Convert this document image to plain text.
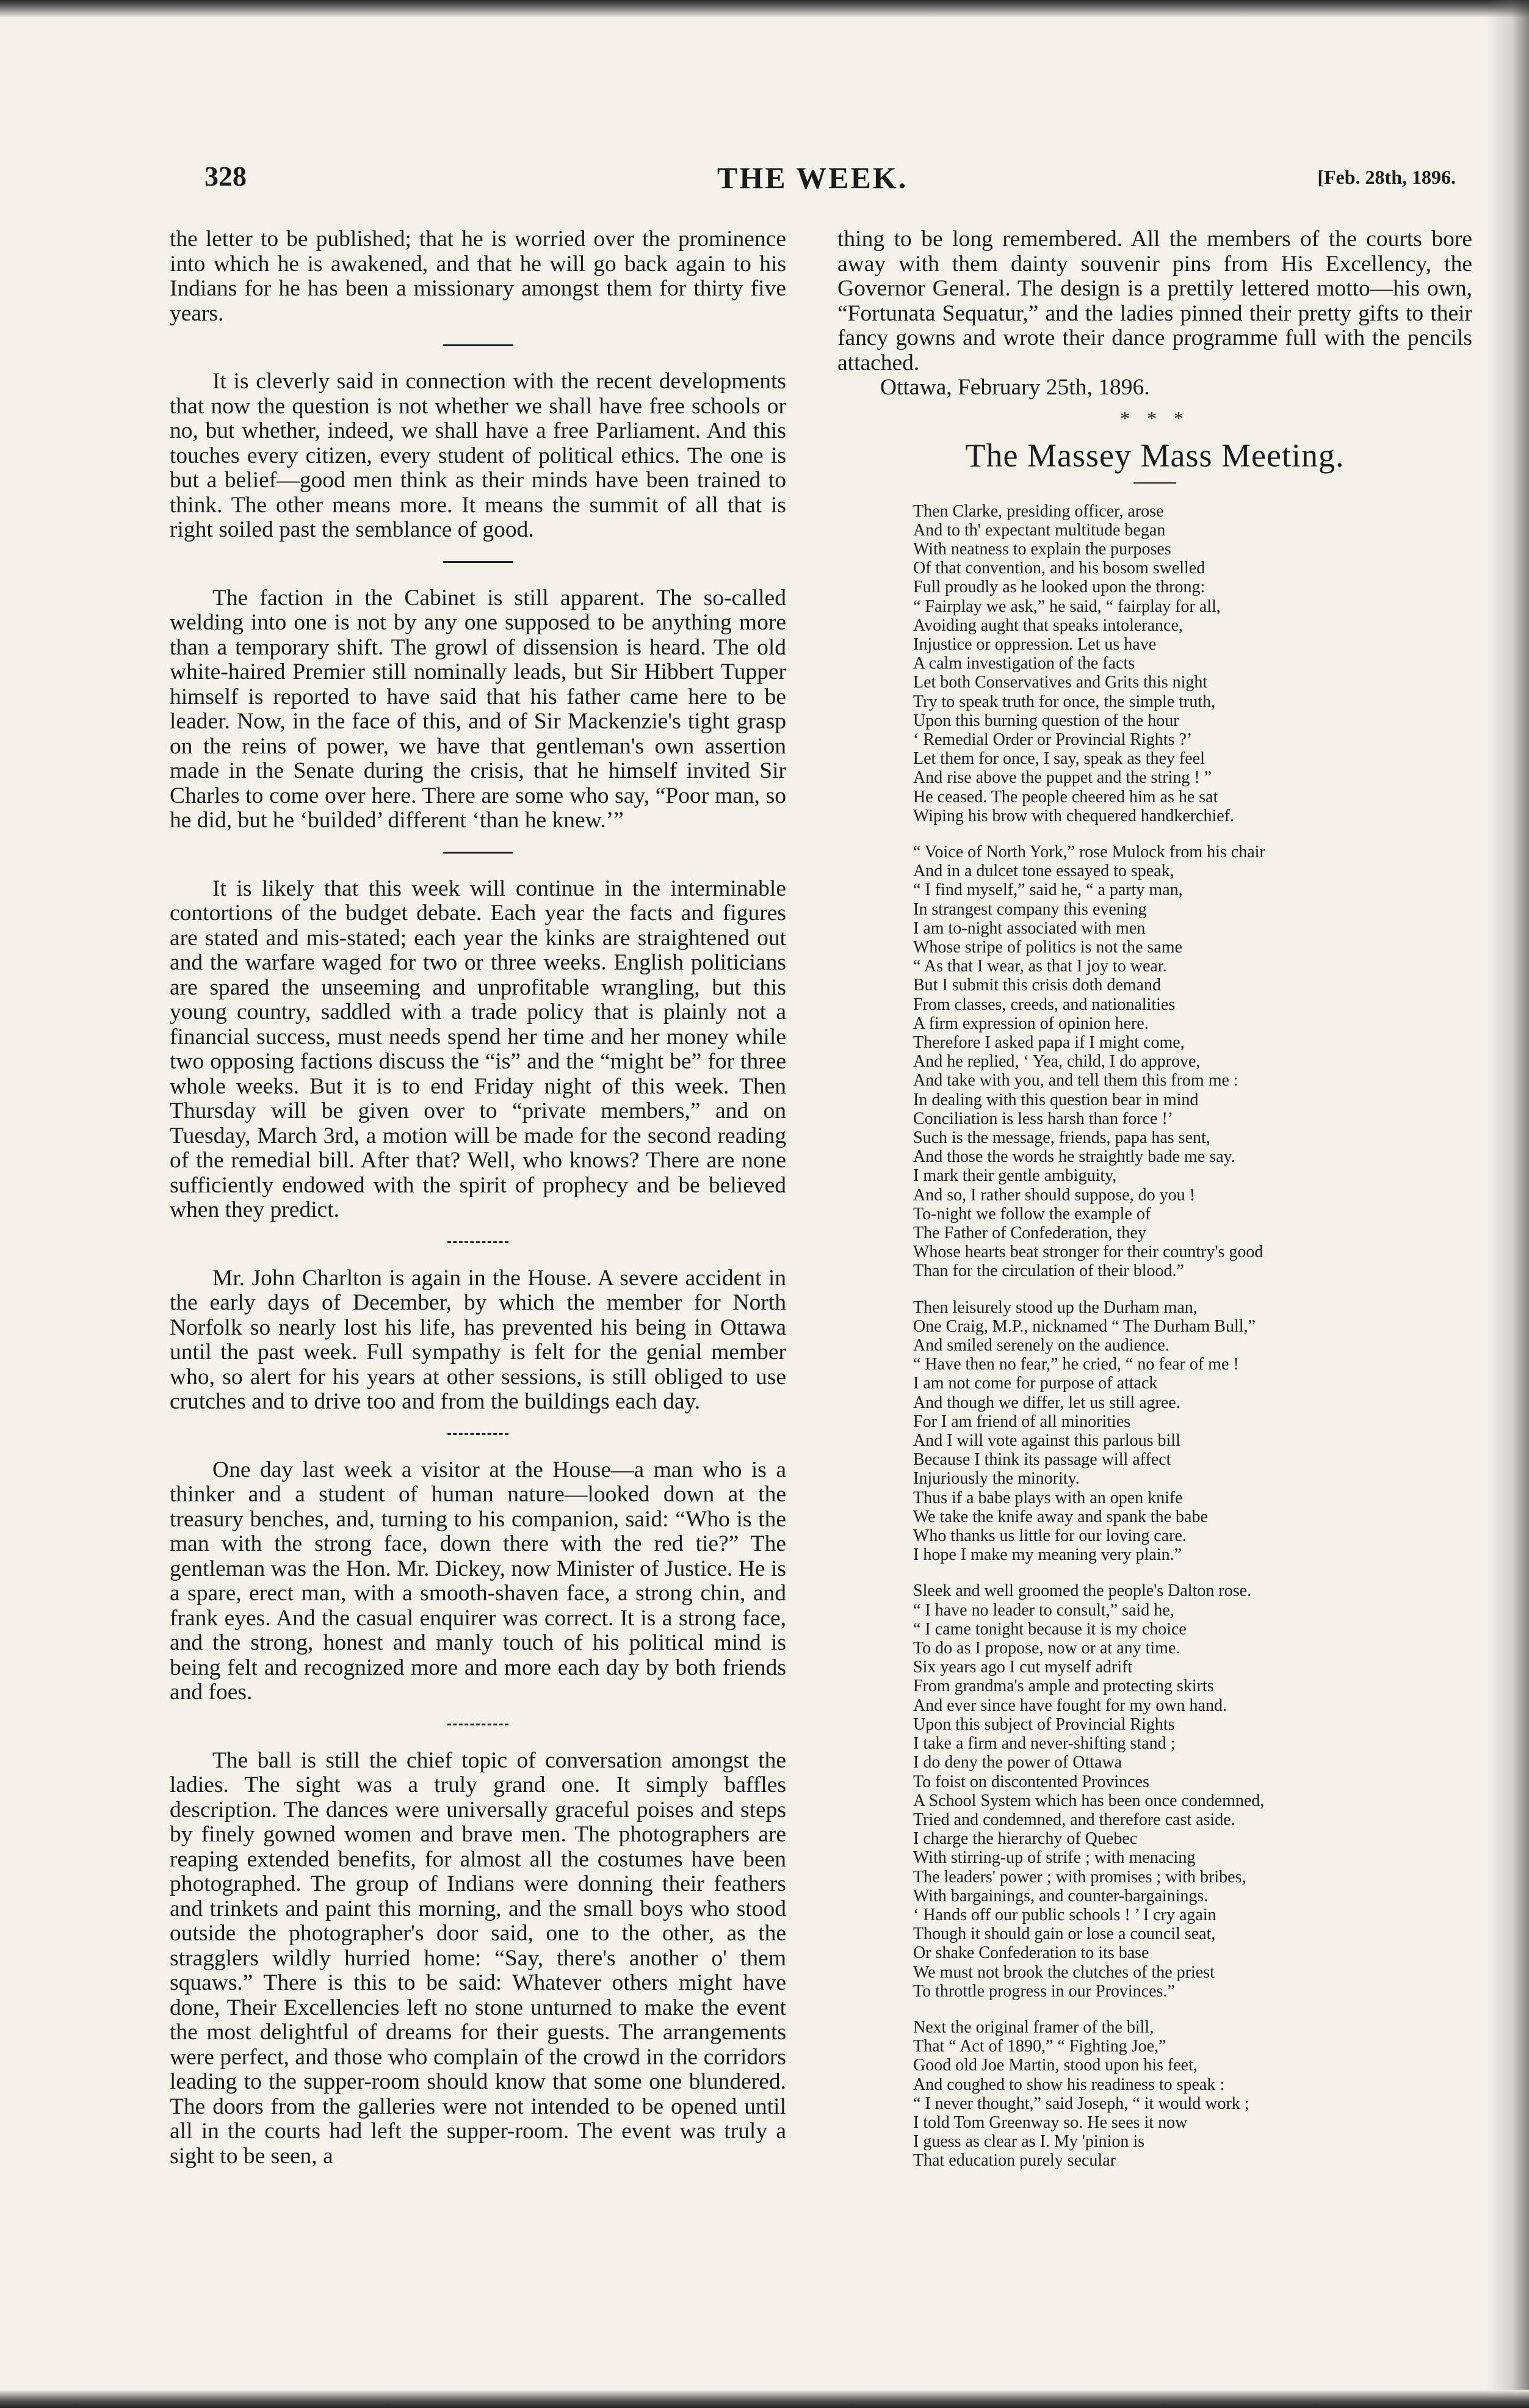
328	THE WEEK.	[Feb. 28th, 1896.

the letter to be published; that he is worried over the prominence into which he is awakened, and that he will go back again to his Indians for he has been a missionary amongst them for thirty five years.

It is cleverly said in connection with the recent developments that now the question is not whether we shall have free schools or no, but whether, indeed, we shall have a free Parliament. And this touches every citizen, every student of political ethics. The one is but a belief—good men think as their minds have been trained to think. The other means more. It means the summit of all that is right soiled past the semblance of good.

The faction in the Cabinet is still apparent. The so-called welding into one is not by any one supposed to be anything more than a temporary shift. The growl of dissension is heard. The old white-haired Premier still nominally leads, but Sir Hibbert Tupper himself is reported to have said that his father came here to be leader. Now, in the face of this, and of Sir Mackenzie's tight grasp on the reins of power, we have that gentleman's own assertion made in the Senate during the crisis, that he himself invited Sir Charles to come over here. There are some who say, “Poor man, so he did, but he ‘builded’ different ‘than he knew.’”

It is likely that this week will continue in the interminable contortions of the budget debate. Each year the facts and figures are stated and mis-stated; each year the kinks are straightened out and the warfare waged for two or three weeks. English politicians are spared the unseeming and unprofitable wrangling, but this young country, saddled with a trade policy that is plainly not a financial success, must needs spend her time and her money while two opposing factions discuss the “is” and the “might be” for three whole weeks. But it is to end Friday night of this week. Then Thursday will be given over to “private members,” and on Tuesday, March 3rd, a motion will be made for the second reading of the remedial bill. After that? Well, who knows? There are none sufficiently endowed with the spirit of prophecy and be believed when they predict.

Mr. John Charlton is again in the House. A severe accident in the early days of December, by which the member for North Norfolk so nearly lost his life, has prevented his being in Ottawa until the past week. Full sympathy is felt for the genial member who, so alert for his years at other sessions, is still obliged to use crutches and to drive too and from the buildings each day.

One day last week a visitor at the House—a man who is a thinker and a student of human nature—looked down at the treasury benches, and, turning to his companion, said: “Who is the man with the strong face, down there with the red tie?” The gentleman was the Hon. Mr. Dickey, now Minister of Justice. He is a spare, erect man, with a smooth-shaven face, a strong chin, and frank eyes. And the casual enquirer was correct. It is a strong face, and the strong, honest and manly touch of his political mind is being felt and recognized more and more each day by both friends and foes.

The ball is still the chief topic of conversation amongst the ladies. The sight was a truly grand one. It simply baffles description. The dances were universally graceful poises and steps by finely gowned women and brave men. The photographers are reaping extended benefits, for almost all the costumes have been photographed. The group of Indians were donning their feathers and trinkets and paint this morning, and the small boys who stood outside the photographer's door said, one to the other, as the stragglers wildly hurried home: “Say, there's another o' them squaws.” There is this to be said: Whatever others might have done, Their Excellencies left no stone unturned to make the event the most delightful of dreams for their guests. The arrangements were perfect, and those who complain of the crowd in the corridors leading to the supper-room should know that some one blundered. The doors from the galleries were not intended to be opened until all in the courts had left the supper-room. The event was truly a sight to be seen, a

thing to be long remembered. All the members of the courts bore away with them dainty souvenir pins from His Excellency, the Governor General. The design is a prettily lettered motto—his own, “Fortunata Sequatur,” and the ladies pinned their pretty gifts to their fancy gowns and wrote their dance programme full with the pencils attached.

Ottawa, February 25th, 1896.

* * *
The Massey Mass Meeting.
Then Clarke, presiding officer, arose
And to th' expectant multitude began
With neatness to explain the purposes
Of that convention, and his bosom swelled
Full proudly as he looked upon the throng:
“ Fairplay we ask,” he said, “ fairplay for all,
Avoiding aught that speaks intolerance,
Injustice or oppression. Let us have
A calm investigation of the facts
Let both Conservatives and Grits this night
Try to speak truth for once, the simple truth,
Upon this burning question of the hour
‘ Remedial Order or Provincial Rights ?’
Let them for once, I say, speak as they feel
And rise above the puppet and the string ! ”
He ceased. The people cheered him as he sat
Wiping his brow with chequered handkerchief.
“ Voice of North York,” rose Mulock from his chair
And in a dulcet tone essayed to speak,
“ I find myself,” said he, “ a party man,
In strangest company this evening
I am to-night associated with men
Whose stripe of politics is not the same
“ As that I wear, as that I joy to wear.
But I submit this crisis doth demand
From classes, creeds, and nationalities
A firm expression of opinion here.
Therefore I asked papa if I might come,
And he replied, ‘ Yea, child, I do approve,
And take with you, and tell them this from me :
In dealing with this question bear in mind
Conciliation is less harsh than force !’
Such is the message, friends, papa has sent,
And those the words he straightly bade me say.
I mark their gentle ambiguity,
And so, I rather should suppose, do you !
To-night we follow the example of
The Father of Confederation, they
Whose hearts beat stronger for their country's good
Than for the circulation of their blood.”
Then leisurely stood up the Durham man,
One Craig, M.P., nicknamed “ The Durham Bull,”
And smiled serenely on the audience.
“ Have then no fear,” he cried, “ no fear of me !
I am not come for purpose of attack
And though we differ, let us still agree.
For I am friend of all minorities
And I will vote against this parlous bill
Because I think its passage will affect
Injuriously the minority.
Thus if a babe plays with an open knife
We take the knife away and spank the babe
Who thanks us little for our loving care.
I hope I make my meaning very plain.”
Sleek and well groomed the people's Dalton rose.
“ I have no leader to consult,” said he,
“ I came tonight because it is my choice
To do as I propose, now or at any time.
Six years ago I cut myself adrift
From grandma's ample and protecting skirts
And ever since have fought for my own hand.
Upon this subject of Provincial Rights
I take a firm and never-shifting stand ;
I do deny the power of Ottawa
To foist on discontented Provinces
A School System which has been once condemned,
Tried and condemned, and therefore cast aside.
I charge the hierarchy of Quebec
With stirring-up of strife ; with menacing
The leaders' power ; with promises ; with bribes,
With bargainings, and counter-bargainings.
‘ Hands off our public schools ! ’ I cry again
Though it should gain or lose a council seat,
Or shake Confederation to its base
We must not brook the clutches of the priest
To throttle progress in our Provinces.”
Next the original framer of the bill,
That “ Act of 1890,” “ Fighting Joe,”
Good old Joe Martin, stood upon his feet,
And coughed to show his readiness to speak :
“ I never thought,” said Joseph, “ it would work ;
I told Tom Greenway so. He sees it now
I guess as clear as I. My 'pinion is
That education purely secular
